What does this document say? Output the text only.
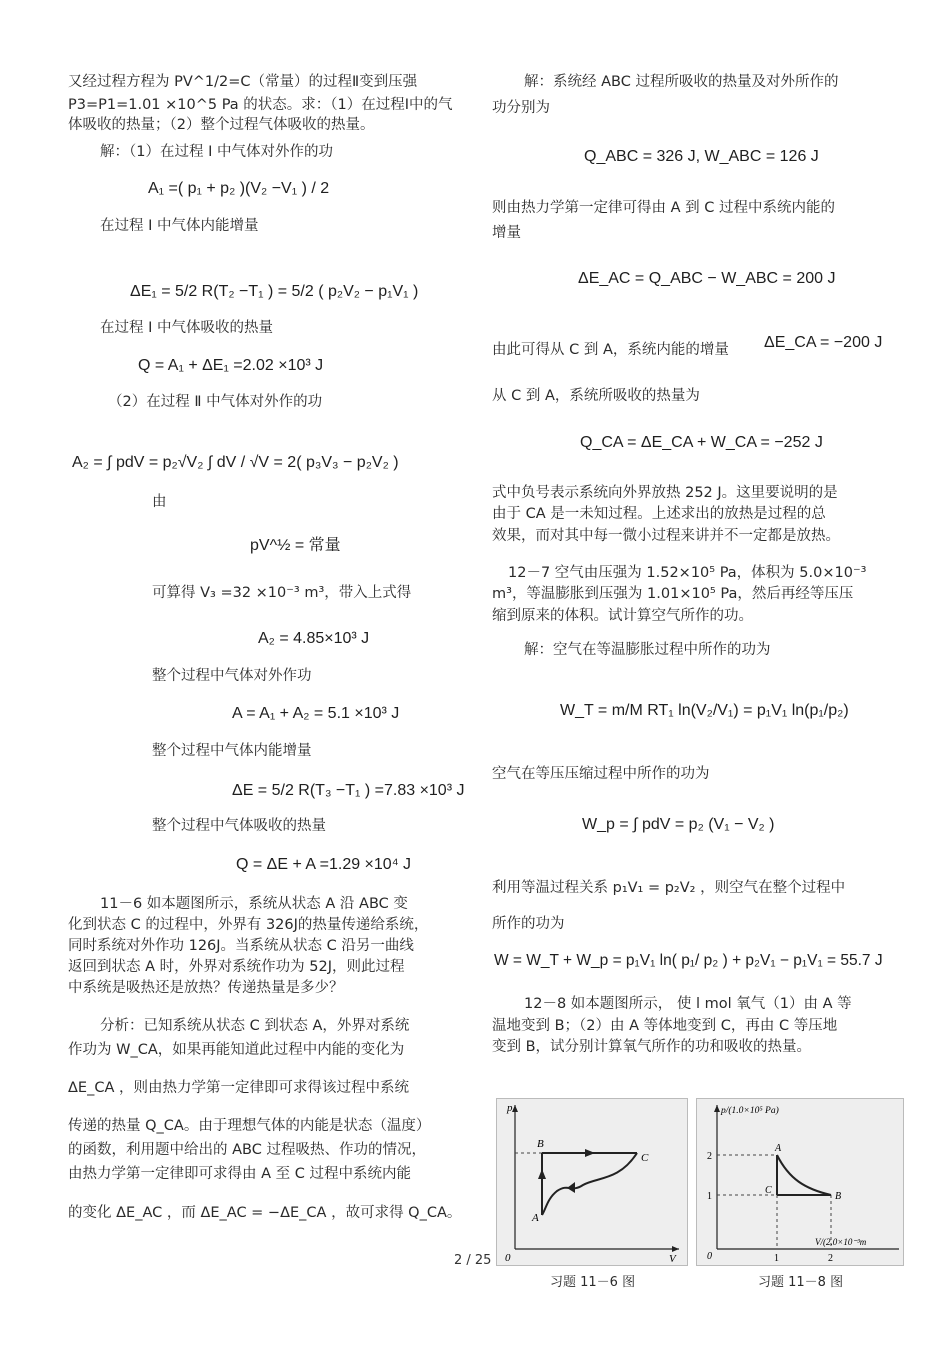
又经过程方程为 PV^1/2=C（常量）的过程Ⅱ变到压强
P3=P1=1.01 ×10^5 Pa 的状态。求：（1）在过程Ⅰ中的气
体吸收的热量；（2）整个过程气体吸收的热量。
解：（1）在过程 Ⅰ 中气体对外作的功
A₁ =( p₁ + p₂ )(V₂ −V₁ ) / 2
在过程 Ⅰ 中气体内能增量
ΔE₁ = 5/2 R(T₂ −T₁ ) = 5/2 ( p₂V₂ − p₁V₁ )
在过程 Ⅰ 中气体吸收的热量
Q = A₁ + ΔE₁ =2.02 ×10³ J
（2）在过程 Ⅱ 中气体对外作的功
A₂ = ∫ pdV = p₂√V₂ ∫ dV / √V = 2( p₃V₃ − p₂V₂ )
由
pV^½ = 常量
可算得 V₃ =32 ×10⁻³ m³，带入上式得
A₂ = 4.85×10³ J
整个过程中气体对外作功
A = A₁ + A₂ = 5.1 ×10³ J
整个过程中气体内能增量
ΔE = 5/2 R(T₃ −T₁ ) =7.83 ×10³ J
整个过程中气体吸收的热量
Q = ΔE + A =1.29 ×10⁴ J
11－6 如本题图所示，系统从状态 A 沿 ABC 变
化到状态 C 的过程中，外界有 326J的热量传递给系统，
同时系统对外作功 126J。当系统从状态 C 沿另一曲线
返回到状态 A 时，外界对系统作功为 52J，则此过程
中系统是吸热还是放热？传递热量是多少？
分析：已知系统从状态 C 到状态 A，外界对系统
作功为 W_CA，如果再能知道此过程中内能的变化为
ΔE_CA ，则由热力学第一定律即可求得该过程中系统
传递的热量 Q_CA。由于理想气体的内能是状态（温度）
的函数，利用题中给出的 ABC 过程吸热、作功的情况，
由热力学第一定律即可求得由 A 至 C 过程中系统内能
的变化 ΔE_AC ，而 ΔE_AC = −ΔE_CA ，故可求得 Q_CA。
解：系统经 ABC 过程所吸收的热量及对外所作的
功分别为
Q_ABC = 326 J, W_ABC = 126 J
则由热力学第一定律可得由 A 到 C 过程中系统内能的
增量
ΔE_AC = Q_ABC − W_ABC = 200 J
由此可得从 C 到 A，系统内能的增量 ΔE_CA = −200 J
从 C 到 A，系统所吸收的热量为
Q_CA = ΔE_CA + W_CA = −252 J
式中负号表示系统向外界放热 252 J。这里要说明的是
由于 CA 是一未知过程。上述求出的放热是过程的总
效果，而对其中每一微小过程来讲并不一定都是放热。
12－7 空气由压强为 1.52×10⁵ Pa，体积为 5.0×10⁻³
m³，等温膨胀到压强为 1.01×10⁵ Pa，然后再经等压压
缩到原来的体积。试计算空气所作的功。
解：空气在等温膨胀过程中所作的功为
W_T = m/M RT₁ ln(V₂/V₁) = p₁V₁ ln(p₁/p₂)
空气在等压压缩过程中所作的功为
W_p = ∫ pdV = p₂ (V₁ − V₂ )
利用等温过程关系 p₁V₁ = p₂V₂ ，则空气在整个过程中
所作的功为
W = W_T + W_p = p₁V₁ ln( p₁/ p₂ ) + p₂V₁ − p₁V₁ = 55.7 J
12－8 如本题图所示， 使 l mol 氧气（1）由 A 等
温地变到 B；（2）由 A 等体地变到 C，再由 C 等压地
变到 B，试分别计算氧气所作的功和吸收的热量。
p
V
0
A
B
C
习题 11－6 图
p/(1.0×10⁵ Pa)
V/(2.0×10⁻³m
0
2
1
1	2
A
C
B
习题 11－8 图
2 / 25
